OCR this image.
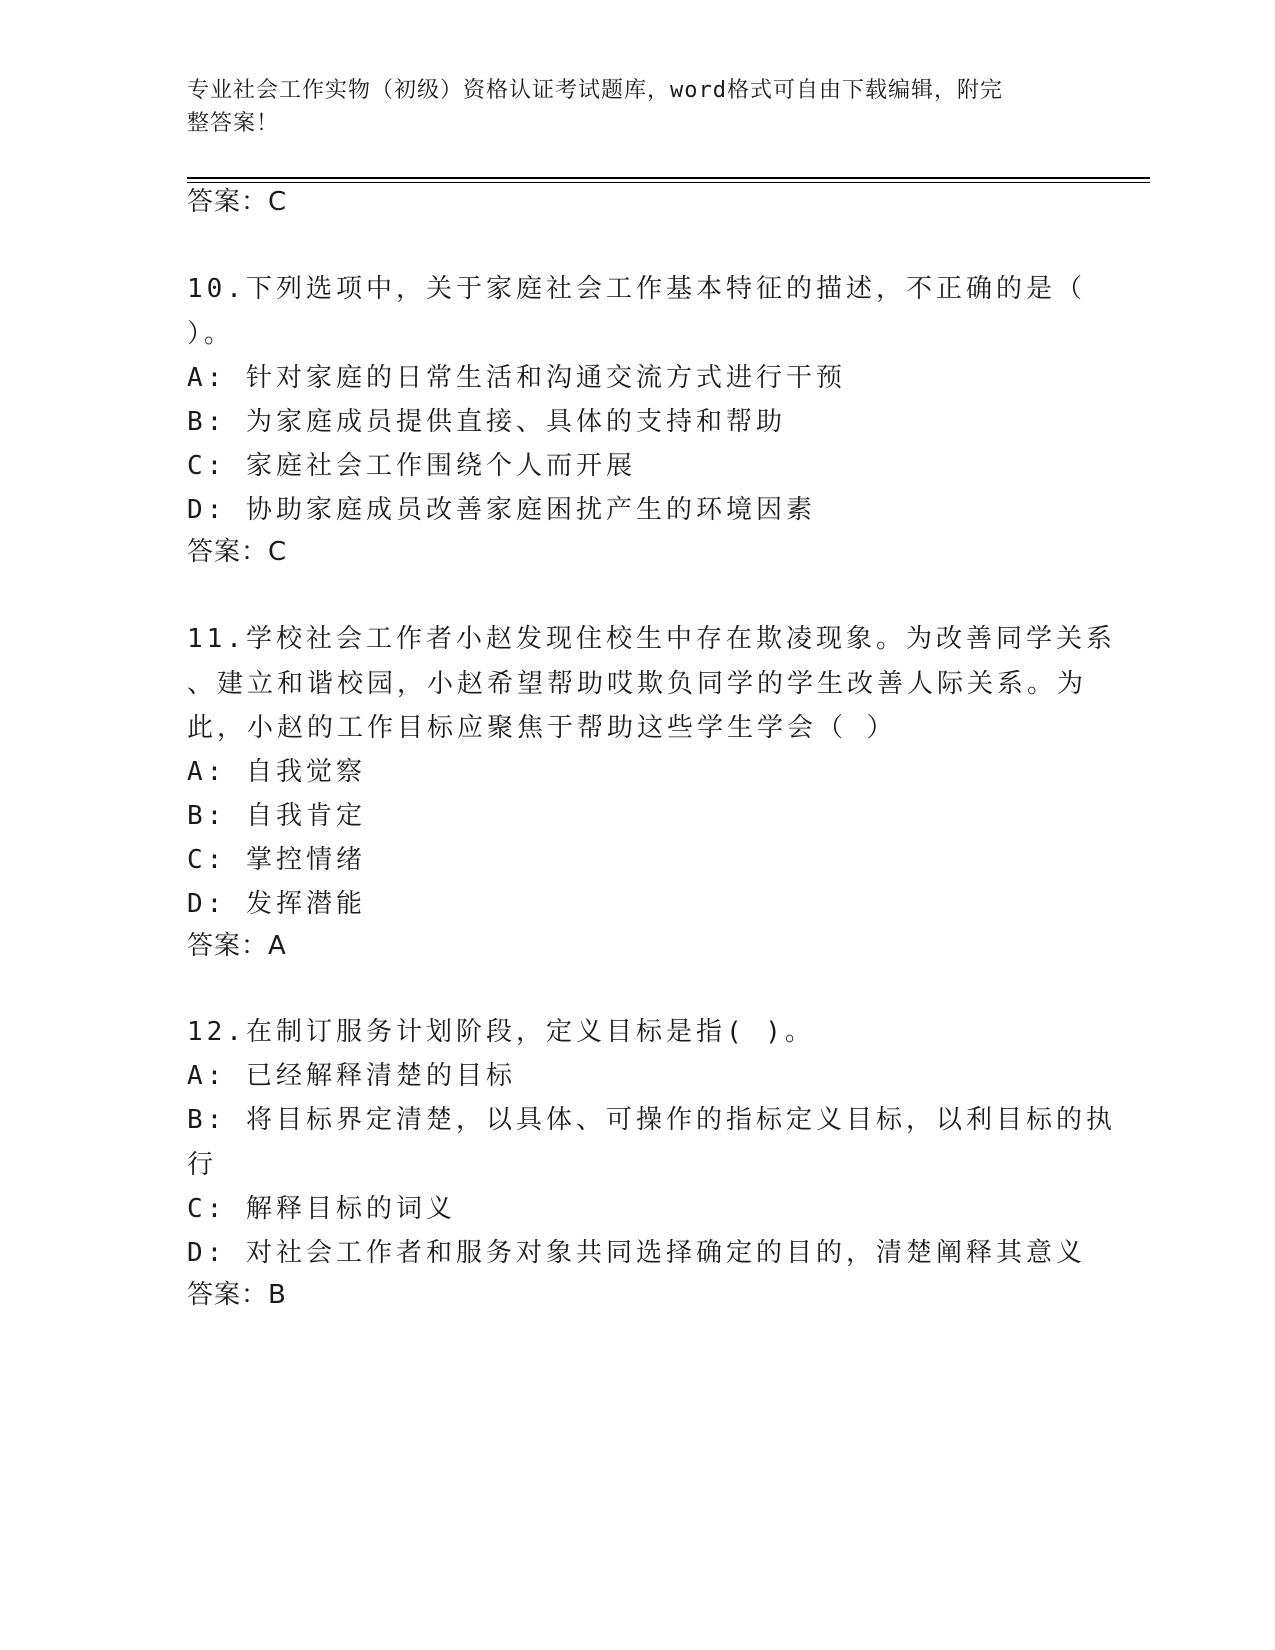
专业社会工作实物（初级）资格认证考试题库，word格式可自由下载编辑，附完
整答案！
答案：C
10.下列选项中，关于家庭社会工作基本特征的描述，不正确的是（
）。
A: 针对家庭的日常生活和沟通交流方式进行干预
B: 为家庭成员提供直接、具体的支持和帮助
C: 家庭社会工作围绕个人而开展
D: 协助家庭成员改善家庭困扰产生的环境因素
答案：C
11.学校社会工作者小赵发现住校生中存在欺凌现象。为改善同学关系
、建立和谐校园，小赵希望帮助哎欺负同学的学生改善人际关系。为
此，小赵的工作目标应聚焦于帮助这些学生学会（ ）
A: 自我觉察
B: 自我肯定
C: 掌控情绪
D: 发挥潜能
答案：A
12.在制订服务计划阶段，定义目标是指( )。
A: 已经解释清楚的目标
B: 将目标界定清楚，以具体、可操作的指标定义目标，以利目标的执
行
C: 解释目标的词义
D: 对社会工作者和服务对象共同选择确定的目的，清楚阐释其意义
答案：B
